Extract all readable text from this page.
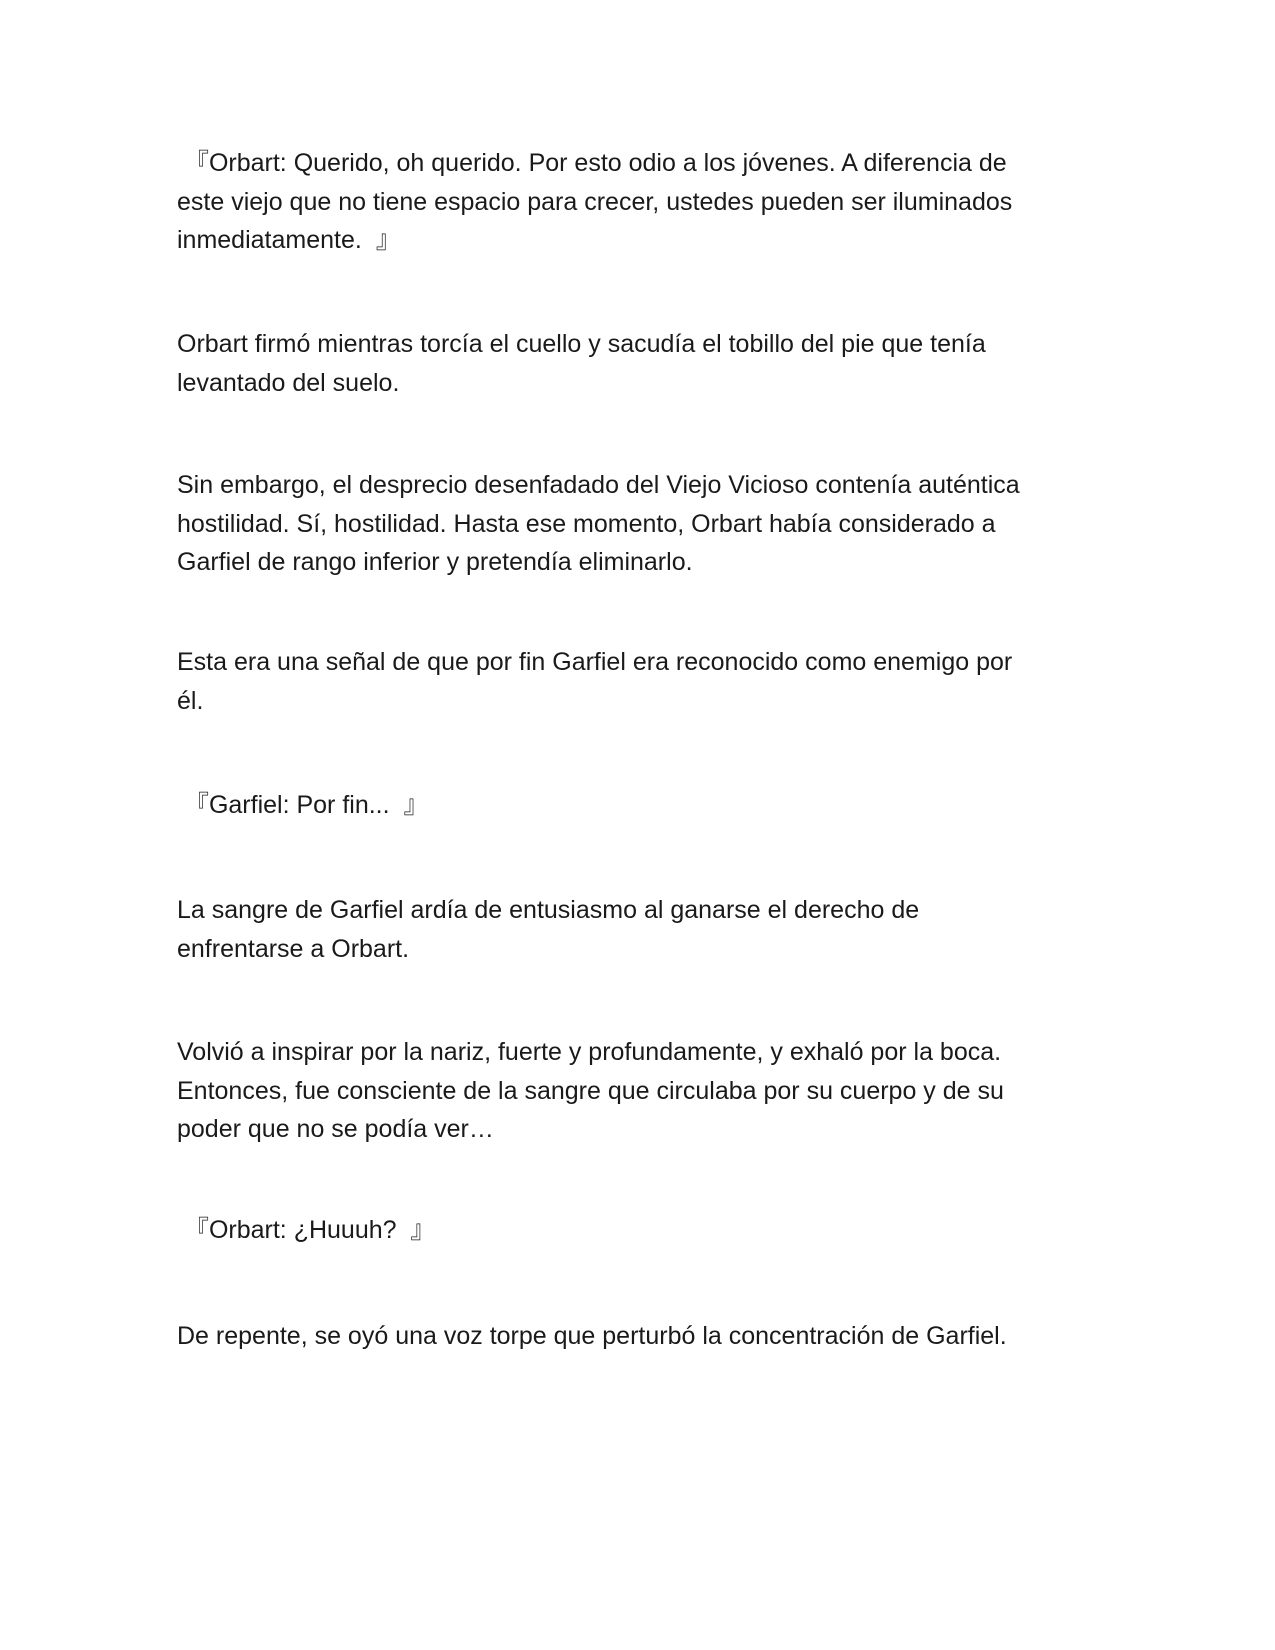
『Orbart: Querido, oh querido. Por esto odio a los jóvenes. A diferencia de
este viejo que no tiene espacio para crecer, ustedes pueden ser iluminados
inmediatamente.  』

Orbart firmó mientras torcía el cuello y sacudía el tobillo del pie que tenía
levantado del suelo.

Sin embargo, el desprecio desenfadado del Viejo Vicioso contenía auténtica
hostilidad. Sí, hostilidad. Hasta ese momento, Orbart había considerado a
Garfiel de rango inferior y pretendía eliminarlo.

Esta era una señal de que por fin Garfiel era reconocido como enemigo por
él.

『Garfiel: Por fin...  』

La sangre de Garfiel ardía de entusiasmo al ganarse el derecho de
enfrentarse a Orbart.

Volvió a inspirar por la nariz, fuerte y profundamente, y exhaló por la boca.
Entonces, fue consciente de la sangre que circulaba por su cuerpo y de su
poder que no se podía ver…

『Orbart: ¿Huuuh?  』

De repente, se oyó una voz torpe que perturbó la concentración de Garfiel.
